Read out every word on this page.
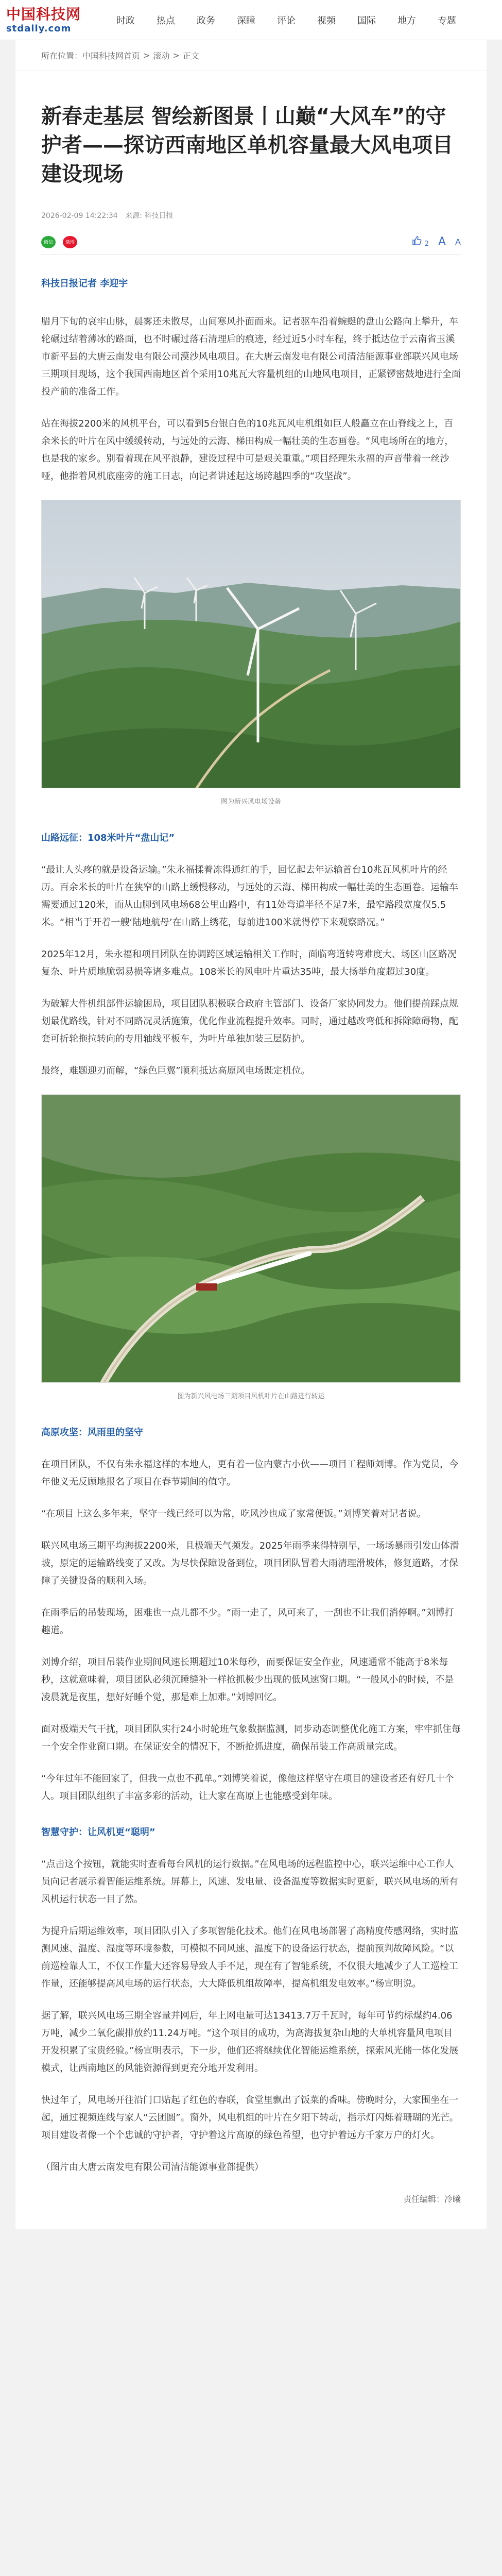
中国科技网
stdaily.com
时政	热点	政务	深瞳	评论	视频	国际	地方	专题
所在位置： 中国科技网首页 > 滚动 > 正文
新春走基层 智绘新图景丨山巅“大风车”的守护者——探访西南地区单机容量最大风电项目建设现场
2026-02-09 14:22:34 来源: 科技日报
微信	微博	2 A A

科技日报记者 李迎宇

腊月下旬的哀牢山脉，晨雾还未散尽，山间寒风扑面而来。记者驱车沿着蜿蜒的盘山公路向上攀升，车轮碾过结着薄冰的路面，也不时碾过落石清理后的痕迹，经过近5小时车程，终于抵达位于云南省玉溪市新平县的大唐云南发电有限公司漠沙风电项目。在大唐云南发电有限公司清洁能源事业部联兴风电场三期项目现场，这个我国西南地区首个采用10兆瓦大容量机组的山地风电项目，正紧锣密鼓地进行全面投产前的准备工作。

站在海拔2200米的风机平台，可以看到5台银白色的10兆瓦风电机组如巨人般矗立在山脊线之上，百余米长的叶片在风中缓缓转动，与远处的云海、梯田构成一幅壮美的生态画卷。“风电场所在的地方，也是我的家乡。别看着现在风平浪静，建设过程中可是艰关重重。”项目经理朱永福的声音带着一丝沙哑，他指着风机底座旁的施工日志，向记者讲述起这场跨越四季的“攻坚战”。

图为新兴风电场设备

山路远征：108米叶片“盘山记”

“最让人头疼的就是设备运输。”朱永福揉着冻得通红的手，回忆起去年运输首台10兆瓦风机叶片的经历。百余米长的叶片在狭窄的山路上缓慢移动，与远处的云海、梯田构成一幅壮美的生态画卷。运输车需要通过120米，而从山脚到风电场68公里山路中，有11处弯道半径不足7米，最窄路段宽度仅5.5米。“相当于开着一艘‘陆地航母’在山路上绣花，每前进100米就得停下来观察路况。”

2025年12月，朱永福和项目团队在协调跨区域运输相关工作时，面临弯道转弯难度大、场区山区路况复杂、叶片质地脆弱易损等诸多难点。108米长的风电叶片重达35吨，最大扬举角度超过30度。

为破解大件机组部件运输困局，项目团队积极联合政府主管部门、设备厂家协同发力。他们提前踩点规划最优路线，针对不同路况灵活施策，优化作业流程提升效率。同时，通过越改弯低和拆除障碍物，配套可折轮拖拉转向的专用轴线平板车，为叶片单独加装三层防护。

最终，难题迎刃而解，“绿色巨翼”顺利抵达高原风电场既定机位。

图为新兴风电场三期项目风机叶片在山路进行转运

高原攻坚：风雨里的坚守

在项目团队，不仅有朱永福这样的本地人，更有着一位内蒙古小伙——项目工程师刘博。作为党员，今年他义无反顾地报名了项目在春节期间的值守。

“在项目上这么多年来，坚守一线已经可以为常，吃风沙也成了家常便饭。”刘博笑着对记者说。

联兴风电场三期平均海拔2200米，且极端天气频发。2025年雨季来得特别早，一场场暴雨引发山体滑坡，原定的运输路线变了又改。为尽快保障设备到位，项目团队冒着大雨清理滑坡体，修复道路，才保障了关键设备的顺利入场。

在雨季后的吊装现场，困难也一点儿都不少。“雨一走了，风可来了，一刮也不让我们消停啊。”刘博打趣道。

刘博介绍，项目吊装作业期间风速长期超过10米每秒，而要保证安全作业，风速通常不能高于8米每秒，这就意味着，项目团队必须沉睡缝补一样抢抓极少出现的低风速窗口期。“一般风小的时候，不是凌晨就是夜里，想好好睡个觉，那是难上加难。”刘博回忆。

面对极端天气干扰，项目团队实行24小时轮班气象数据监测，同步动态调整优化施工方案，牢牢抓住每一个安全作业窗口期。在保证安全的情况下，不断抢抓进度，确保吊装工作高质量完成。

“今年过年不能回家了，但我一点也不孤单。”刘博笑着说，像他这样坚守在项目的建设者还有好几十个人。项目团队组织了丰富多彩的活动，让大家在高原上也能感受到年味。

智慧守护：让风机更“聪明”

“点击这个按钮，就能实时查看每台风机的运行数据。”在风电场的远程监控中心，联兴运维中心工作人员向记者展示着智能运维系统。屏幕上，风速、发电量、设备温度等数据实时更新，联兴风电场的所有风机运行状态一目了然。

为提升后期运维效率，项目团队引入了多项智能化技术。他们在风电场部署了高精度传感网络，实时监测风速、温度、湿度等环境参数，可模拟不同风速、温度下的设备运行状态，提前预判故障风险。“以前巡检靠人工，不仅工作量大还容易导致人手不足，现在有了智能系统，不仅很大地减少了人工巡检工作量，还能够提高风电场的运行状态，大大降低机组故障率，提高机组发电效率。”杨宣明说。

据了解，联兴风电场三期全容量并网后，年上网电量可达13413.7万千瓦时，每年可节约标煤约4.06万吨，减少二氧化碳排放约11.24万吨。“这个项目的成功，为高海拔复杂山地的大单机容量风电项目开发积累了宝贵经验。”杨宣明表示，下一步，他们还将继续优化智能运维系统，探索风光储一体化发展模式，让西南地区的风能资源得到更充分地开发利用。

快过年了，风电场开往沿门口贴起了红色的春联，食堂里飘出了饭菜的香味。傍晚时分，大家围坐在一起，通过视频连线与家人“云团圆”。窗外，风电机组的叶片在夕阳下转动，指示灯闪烁着珊瑚的光芒。项目建设者像一个个忠诚的守护者，守护着这片高原的绿色希望，也守护着远方千家万户的灯火。

（图片由大唐云南发电有限公司清洁能源事业部提供）

责任编辑：冷曦
